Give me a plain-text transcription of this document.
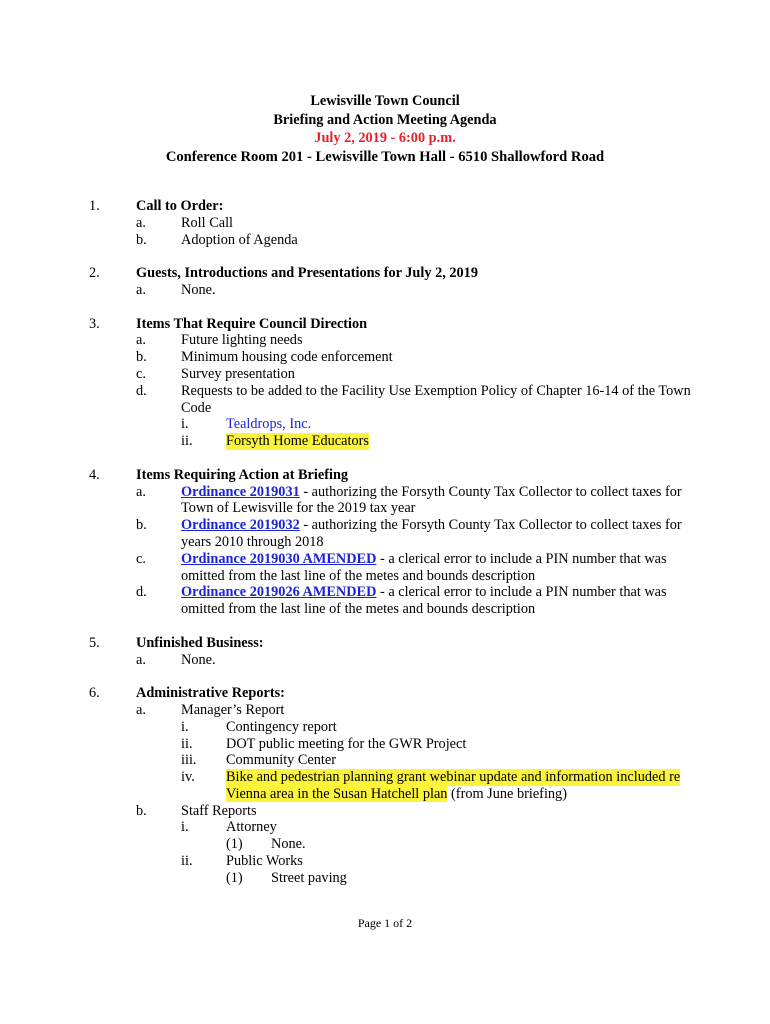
Lewisville Town Council
Briefing and Action Meeting Agenda
July 2, 2019 - 6:00 p.m.
Conference Room 201 - Lewisville Town Hall - 6510 Shallowford Road
1.	Call to Order:
a. Roll Call
b. Adoption of Agenda
2.	Guests, Introductions and Presentations for July 2, 2019
a. None.
3.	Items That Require Council Direction
a. Future lighting needs
b. Minimum housing code enforcement
c. Survey presentation
d. Requests to be added to the Facility Use Exemption Policy of Chapter 16-14 of the Town
Code
i.	Tealdrops, Inc.
ii. Forsyth Home Educators
4.	Items Requiring Action at Briefing
a. Ordinance 2019031 - authorizing the Forsyth County Tax Collector to collect taxes for
Town of Lewisville for the 2019 tax year
b. Ordinance 2019032 - authorizing the Forsyth County Tax Collector to collect taxes for
years 2010 through 2018
c. Ordinance 2019030 AMENDED - a clerical error to include a PIN number that was
omitted from the last line of the metes and bounds description
d. Ordinance 2019026 AMENDED - a clerical error to include a PIN number that was
omitted from the last line of the metes and bounds description
5.	Unfinished Business:
a. None.
6.	Administrative Reports:
a. Manager’s Report
i.	Contingency report
ii. DOT public meeting for the GWR Project
iii. Community Center
iv. Bike and pedestrian planning grant webinar update and information included re
Vienna area in the Susan Hatchell plan (from June briefing)
b. Staff Reports
i.	Attorney
(1) None.
ii. Public Works
(1) Street paving
Page 1 of 2
